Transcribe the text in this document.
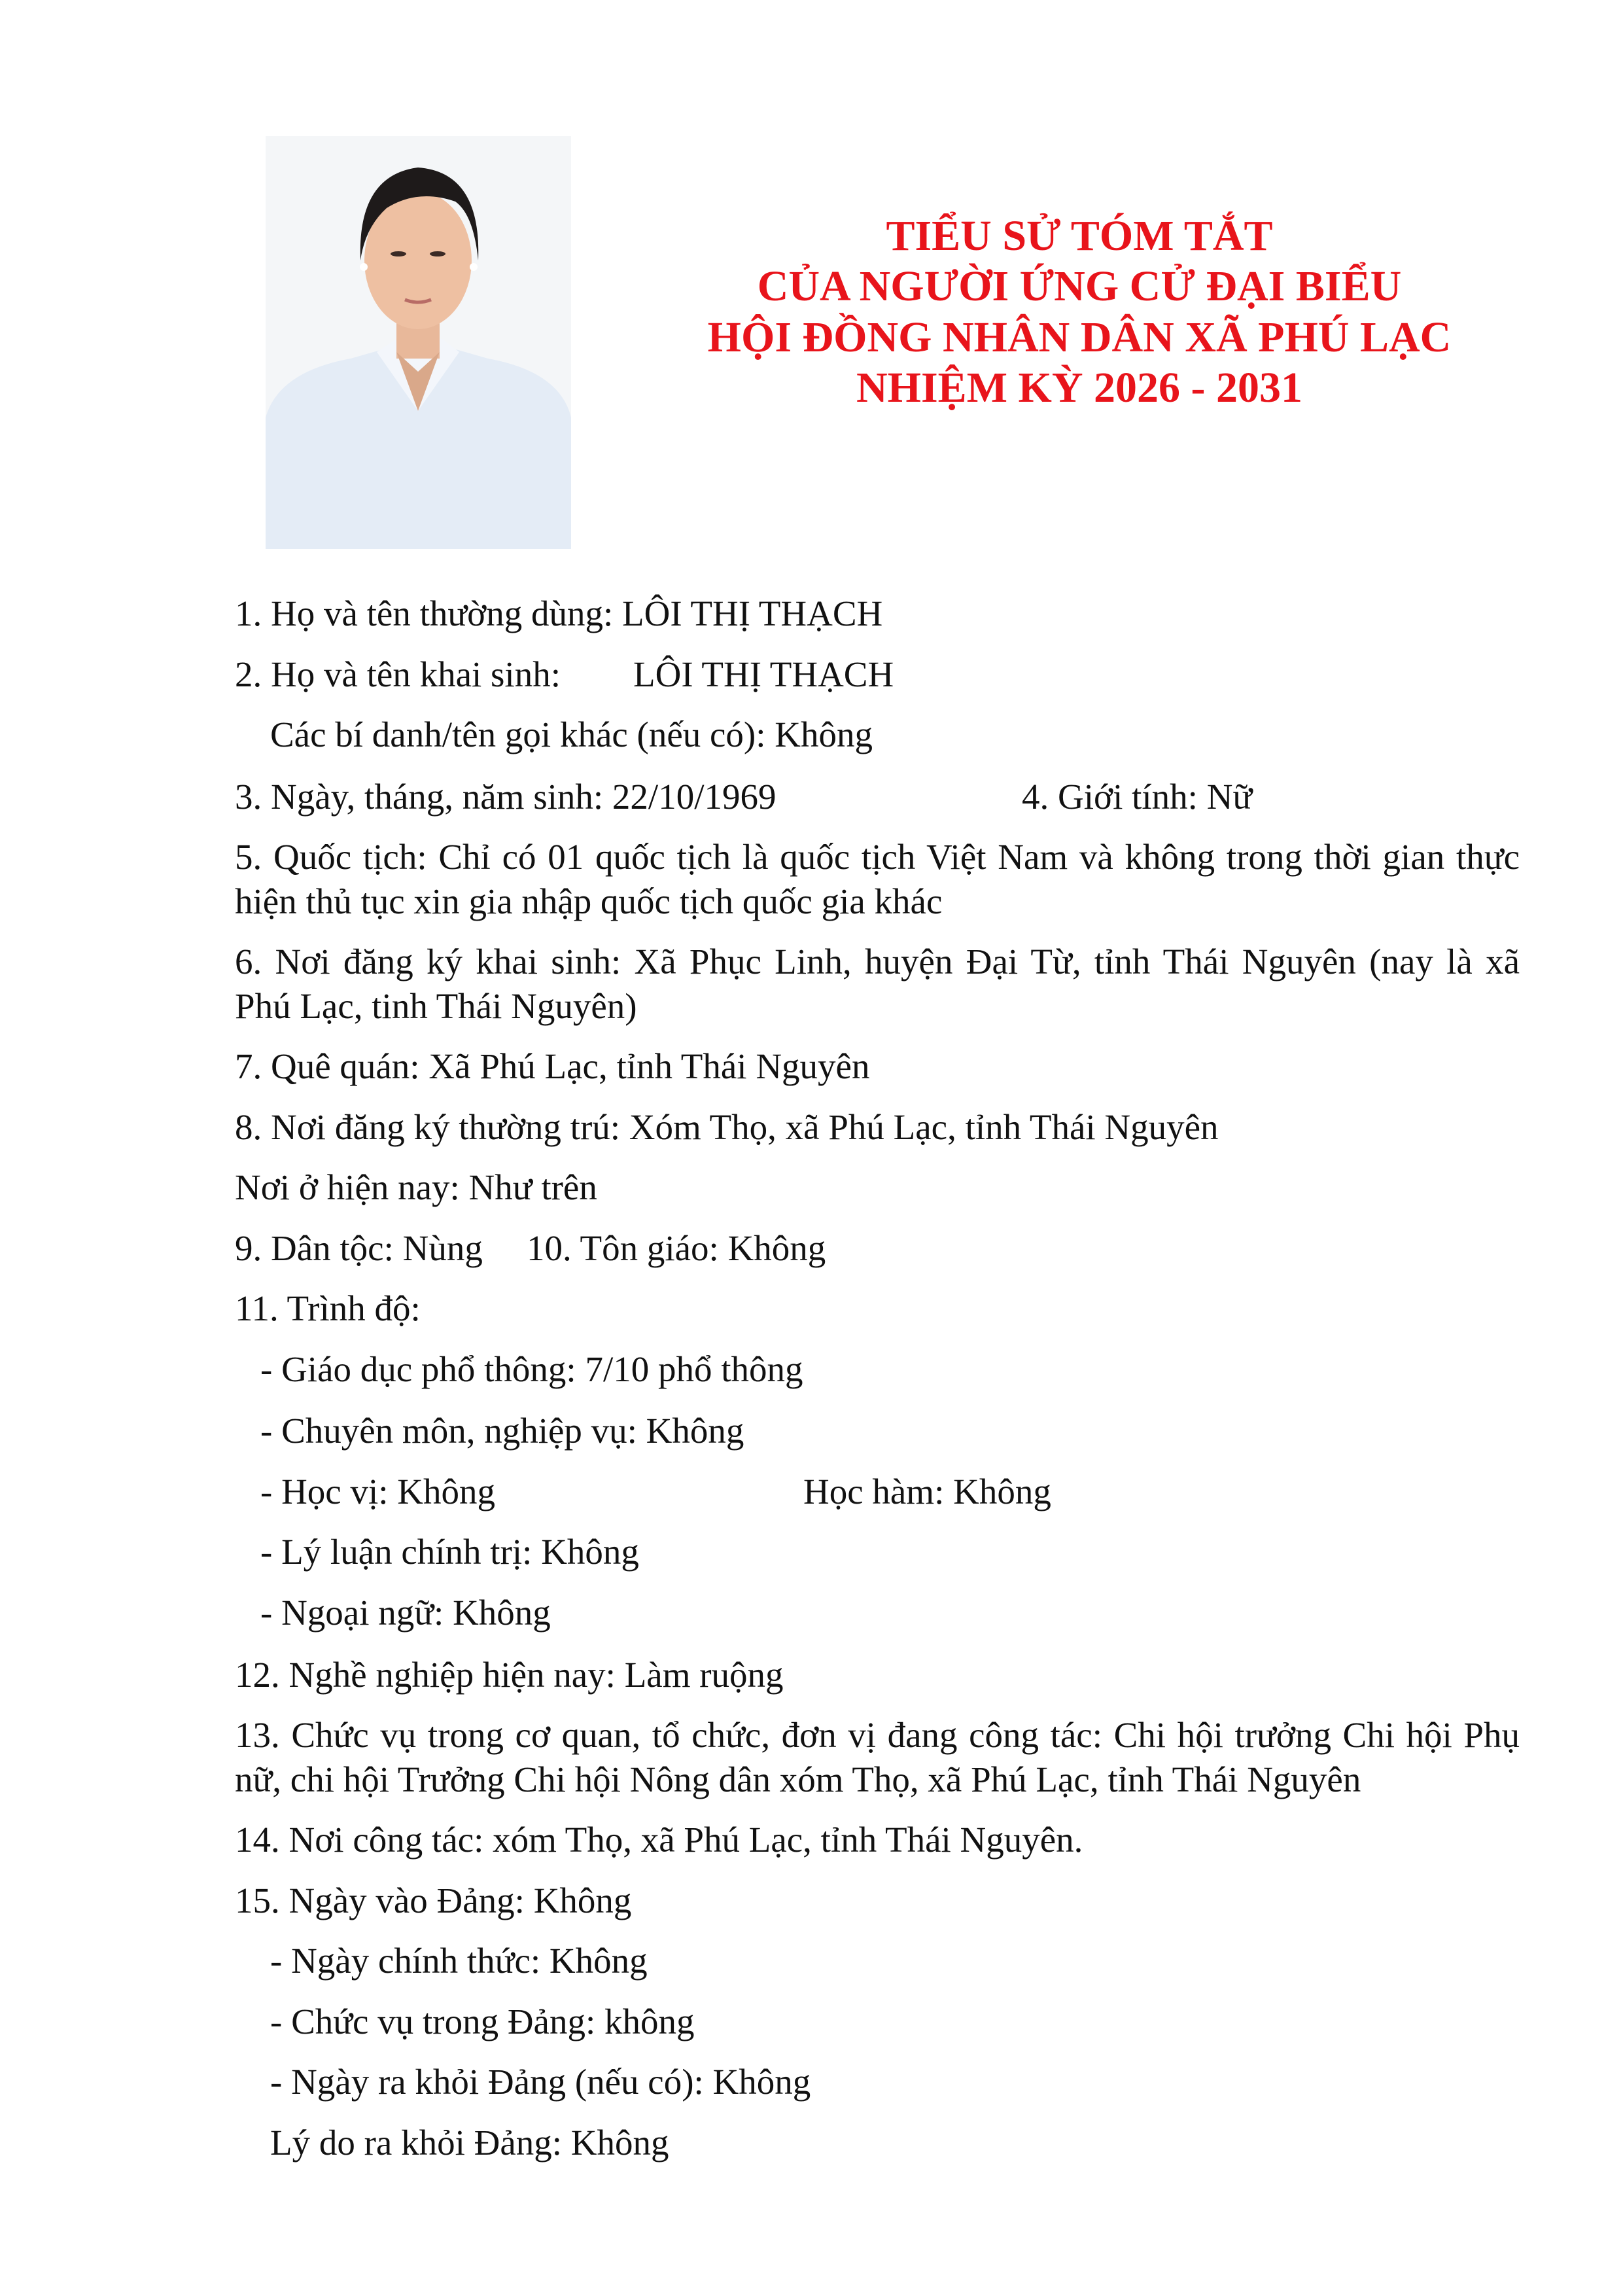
TIỂU SỬ TÓM TẮT
CỦA NGƯỜI ỨNG CỬ ĐẠI BIỂU
HỘI ĐỒNG NHÂN DÂN XÃ PHÚ LẠC
NHIỆM KỲ 2026 - 2031
1. Họ và tên thường dùng: LÔI THỊ THẠCH
2. Họ và tên khai sinh: LÔI THỊ THẠCH
Các bí danh/tên gọi khác (nếu có): Không
3. Ngày, tháng, năm sinh: 22/10/1969	4. Giới tính: Nữ
5. Quốc tịch: Chỉ có 01 quốc tịch là quốc tịch Việt Nam và không trong thời gian thực
hiện thủ tục xin gia nhập quốc tịch quốc gia khác
6. Nơi đăng ký khai sinh: Xã Phục Linh, huyện Đại Từ, tỉnh Thái Nguyên (nay là xã
Phú Lạc, tinh Thái Nguyên)
7. Quê quán: Xã Phú Lạc, tỉnh Thái Nguyên
8. Nơi đăng ký thường trú: Xóm Thọ, xã Phú Lạc, tỉnh Thái Nguyên
Nơi ở hiện nay: Như trên
9. Dân tộc: Nùng 10. Tôn giáo: Không
11. Trình độ:
- Giáo dục phổ thông: 7/10 phổ thông
- Chuyên môn, nghiệp vụ: Không
- Học vị: Không	Học hàm: Không
- Lý luận chính trị: Không
- Ngoại ngữ: Không
12. Nghề nghiệp hiện nay: Làm ruộng
13. Chức vụ trong cơ quan, tổ chức, đơn vị đang công tác: Chi hội trưởng Chi hội Phụ
nữ, chi hội Trưởng Chi hội Nông dân xóm Thọ, xã Phú Lạc, tỉnh Thái Nguyên
14. Nơi công tác: xóm Thọ, xã Phú Lạc, tỉnh Thái Nguyên.
15. Ngày vào Đảng: Không
- Ngày chính thức: Không
- Chức vụ trong Đảng: không
- Ngày ra khỏi Đảng (nếu có): Không
Lý do ra khỏi Đảng: Không
